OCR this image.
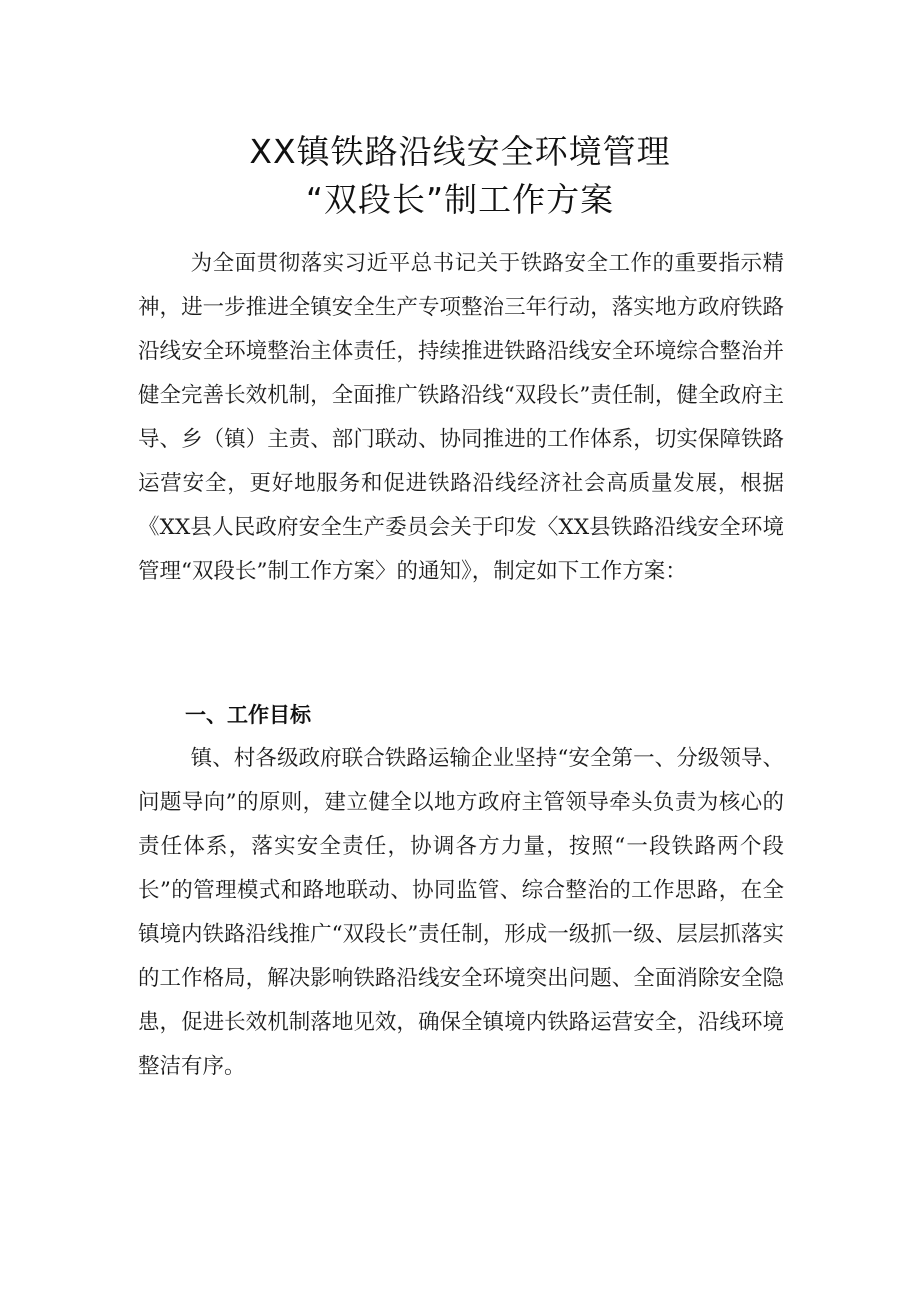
XX镇铁路沿线安全环境管理
“双段长”制工作方案

为全面贯彻落实习近平总书记关于铁路安全工作的重要指示精神，进一步推进全镇安全生产专项整治三年行动，落实地方政府铁路沿线安全环境整治主体责任，持续推进铁路沿线安全环境综合整治并健全完善长效机制，全面推广铁路沿线“双段长”责任制，健全政府主导、乡（镇）主责、部门联动、协同推进的工作体系，切实保障铁路运营安全，更好地服务和促进铁路沿线经济社会高质量发展，根据《XX县人民政府安全生产委员会关于印发〈XX县铁路沿线安全环境管理“双段长”制工作方案〉的通知》，制定如下工作方案：

一、工作目标

镇、村各级政府联合铁路运输企业坚持“安全第一、分级领导、问题导向”的原则，建立健全以地方政府主管领导牵头负责为核心的责任体系，落实安全责任，协调各方力量，按照“一段铁路两个段长”的管理模式和路地联动、协同监管、综合整治的工作思路，在全镇境内铁路沿线推广“双段长”责任制，形成一级抓一级、层层抓落实的工作格局，解决影响铁路沿线安全环境突出问题、全面消除安全隐患，促进长效机制落地见效，确保全镇境内铁路运营安全，沿线环境整洁有序。
